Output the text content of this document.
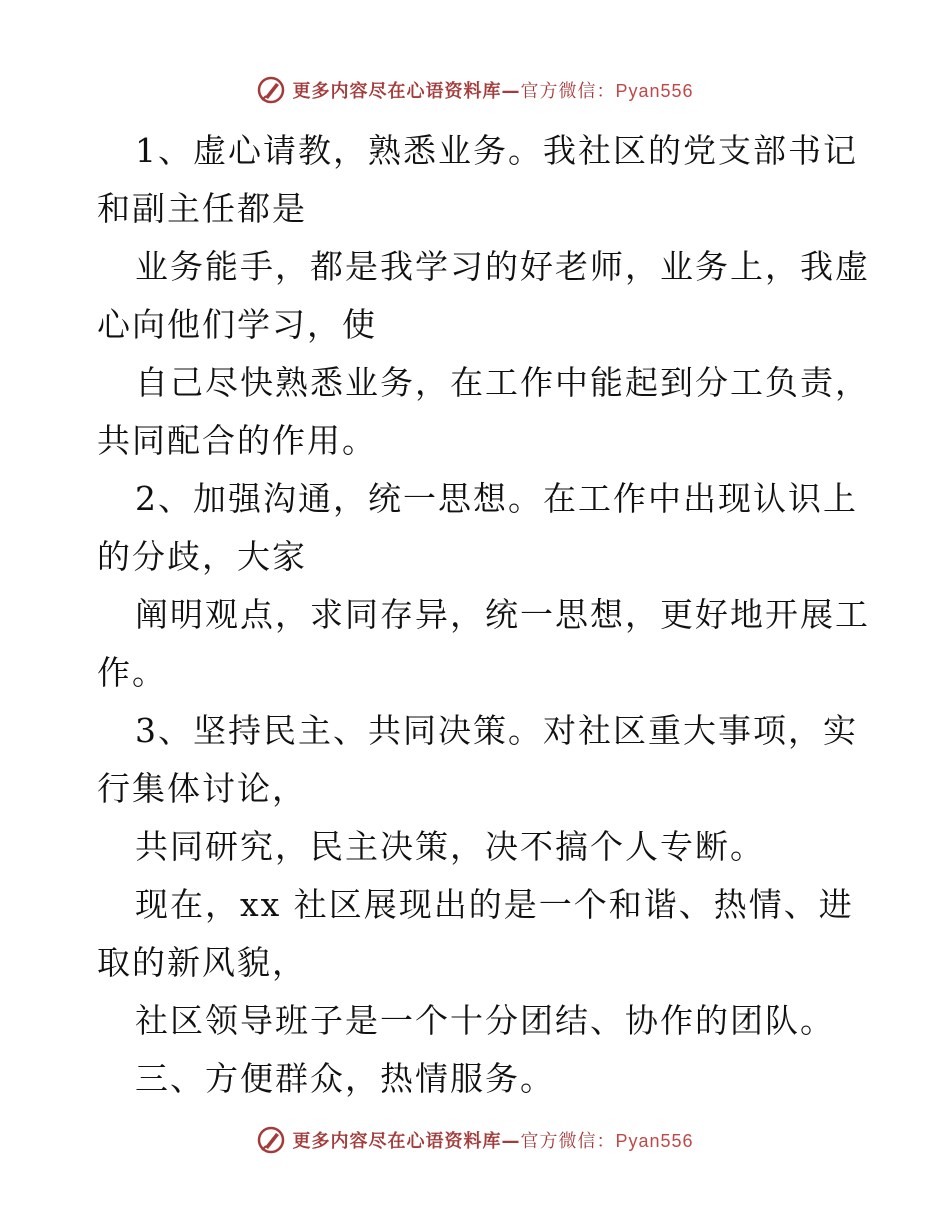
更多内容尽在心语资料库—官方微信：Pyan556
1、虚心请教，熟悉业务。我社区的党支部书记
和副主任都是
业务能手，都是我学习的好老师，业务上，我虚
心向他们学习，使
自己尽快熟悉业务，在工作中能起到分工负责，
共同配合的作用。
2、加强沟通，统一思想。在工作中出现认识上
的分歧，大家
阐明观点，求同存异，统一思想，更好地开展工
作。
3、坚持民主、共同决策。对社区重大事项，实
行集体讨论，
共同研究，民主决策，决不搞个人专断。
现在，xx 社区展现出的是一个和谐、热情、进
取的新风貌，
社区领导班子是一个十分团结、协作的团队。
三、方便群众，热情服务。
更多内容尽在心语资料库—官方微信：Pyan556
